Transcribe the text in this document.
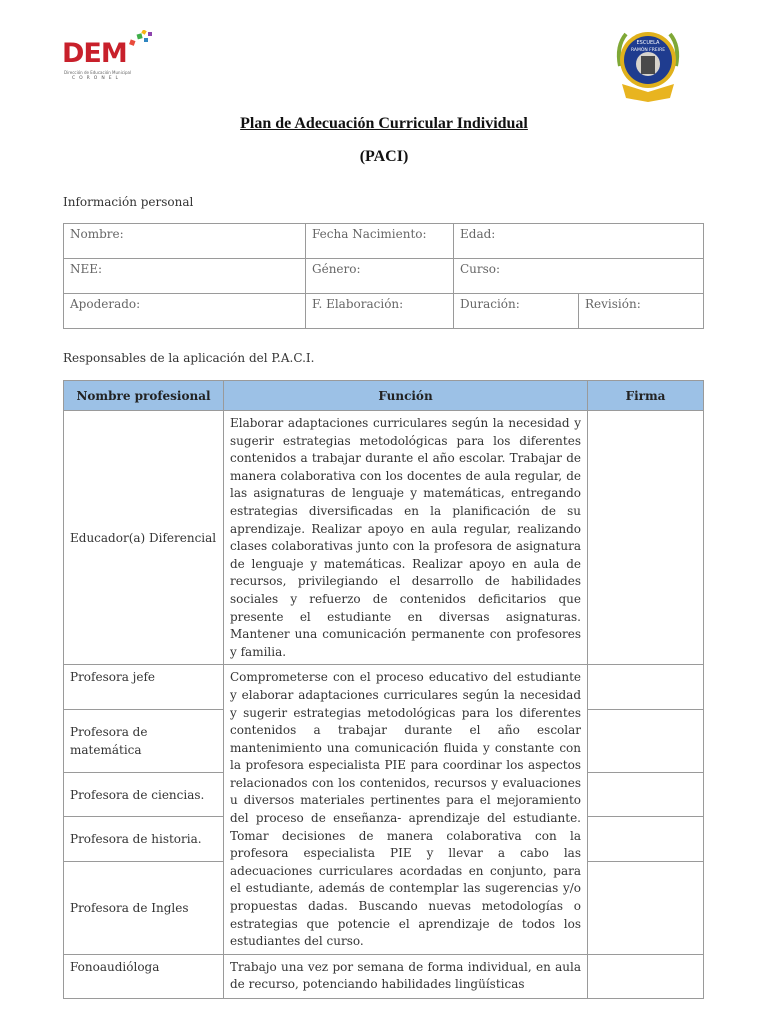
DEM
Dirección de Educación Municipal
CORONEL
ESCUELA
RAMÓN FREIRE
Plan de Adecuación Curricular Individual
(PACI)
Información personal
Nombre:	Fecha Nacimiento:	Edad:	
NEE:	Género:	Curso:	
Apoderado:	F. Elaboración:	Duración:	Revisión:
Responsables de la aplicación del P.A.C.I.
Nombre profesional	Función	Firma
Educador(a) Diferencial	Elaborar adaptaciones curriculares según la necesidad y sugerir estrategias metodológicas para los diferentes contenidos a trabajar durante el año escolar. Trabajar de manera colaborativa con los docentes de aula regular, de las asignaturas de lenguaje y matemáticas, entregando estrategias diversificadas en la planificación de su aprendizaje. Realizar apoyo en aula regular, realizando clases colaborativas junto con la profesora de asignatura de lenguaje y matemáticas. Realizar apoyo en aula de recursos, privilegiando el desarrollo de habilidades sociales y refuerzo de contenidos deficitarios que presente el estudiante en diversas asignaturas. Mantener una comunicación permanente con profesores y familia.	
Profesora jefe	Comprometerse con el proceso educativo del estudiante y elaborar adaptaciones curriculares según la necesidad y sugerir estrategias metodológicas para los diferentes contenidos a trabajar durante el año escolar mantenimiento una comunicación fluida y constante con la profesora especialista PIE para coordinar los aspectos relacionados con los contenidos, recursos y evaluaciones u diversos materiales pertinentes para el mejoramiento del proceso de enseñanza- aprendizaje del estudiante. Tomar decisiones de manera colaborativa con la profesora especialista PIE y llevar a cabo las adecuaciones curriculares acordadas en conjunto, para el estudiante, además de contemplar las sugerencias y/o propuestas dadas. Buscando nuevas metodologías o estrategias que potencie el aprendizaje de todos los estudiantes del curso.	
Profesora de matemática		
Profesora de ciencias.		
Profesora de historia.		
Profesora de Ingles		
Fonoaudióloga	Trabajo una vez por semana de forma individual, en aula de recurso, potenciando habilidades lingüísticas	
